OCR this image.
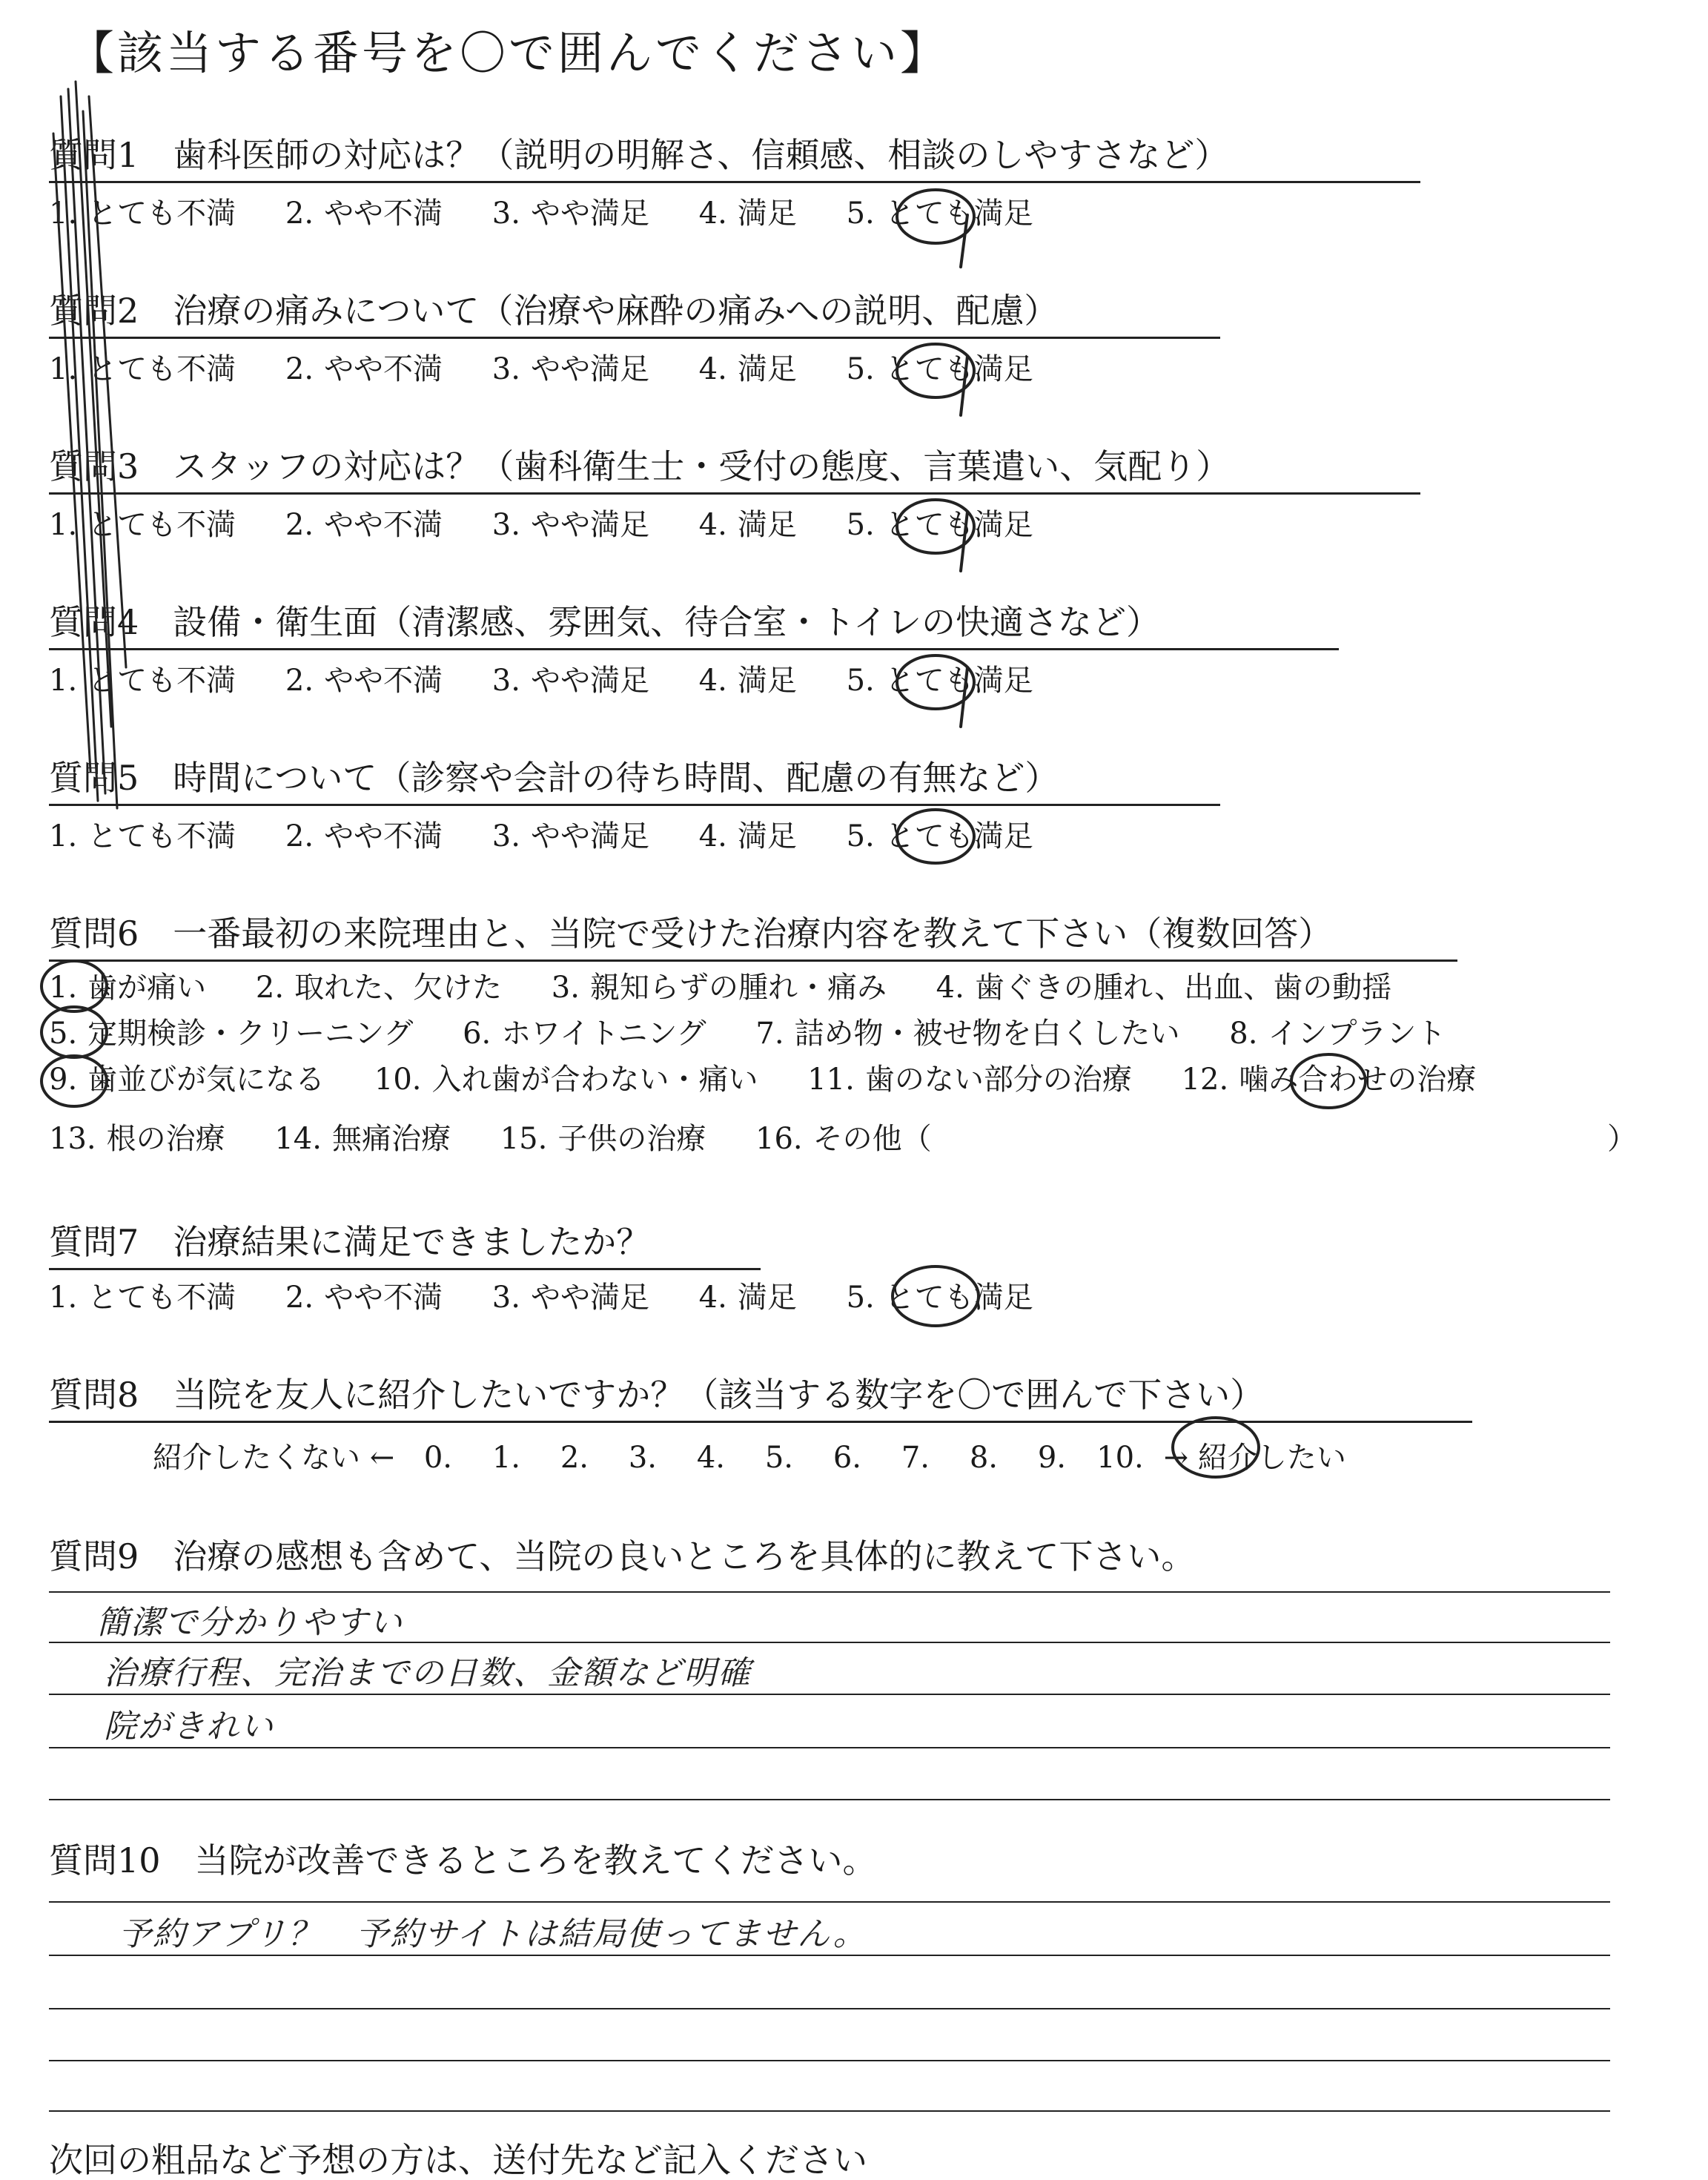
【該当する番号を〇で囲んでください】
質問1　歯科医師の対応は？（説明の明解さ、信頼感、相談のしやすさなど）
1. とても不満 2. やや不満 3. やや満足 4. 満足 5. とても満足
質問2　治療の痛みについて（治療や麻酔の痛みへの説明、配慮）
1. とても不満 2. やや不満 3. やや満足 4. 満足 5. とても満足
質問3　スタッフの対応は？（歯科衛生士・受付の態度、言葉遣い、気配り）
1. とても不満 2. やや不満 3. やや満足 4. 満足 5. とても満足
質問4　設備・衛生面（清潔感、雰囲気、待合室・トイレの快適さなど）
1. とても不満 2. やや不満 3. やや満足 4. 満足 5. とても満足
質問5　時間について（診察や会計の待ち時間、配慮の有無など）
1. とても不満 2. やや不満 3. やや満足 4. 満足 5. とても満足
質問6　一番最初の来院理由と、当院で受けた治療内容を教えて下さい（複数回答）
1. 歯が痛い 2. 取れた、欠けた 3. 親知らずの腫れ・痛み 4. 歯ぐきの腫れ、出血、歯の動揺
5. 定期検診・クリーニング 6. ホワイトニング 7. 詰め物・被せ物を白くしたい 8. インプラント
9. 歯並びが気になる 10. 入れ歯が合わない・痛い 11. 歯のない部分の治療 12. 噛み合わせの治療
13. 根の治療 14. 無痛治療 15. 子供の治療 16. その他（	）
質問7　治療結果に満足できましたか？
1. とても不満 2. やや不満 3. やや満足 4. 満足 5. とても満足
質問8　当院を友人に紹介したいですか？（該当する数字を〇で囲んで下さい）
紹介したくない ← 0. 1. 2. 3. 4. 5. 6. 7. 8. 9. 10. → 紹介したい
質問9　治療の感想も含めて、当院の良いところを具体的に教えて下さい。
簡潔で分かりやすい
治療行程、完治までの日数、金額など明確
院がきれい
質問10　当院が改善できるところを教えてください。
予約アプリ？　予約サイトは結局使ってません。
次回の粗品など予想の方は、送付先など記入ください
